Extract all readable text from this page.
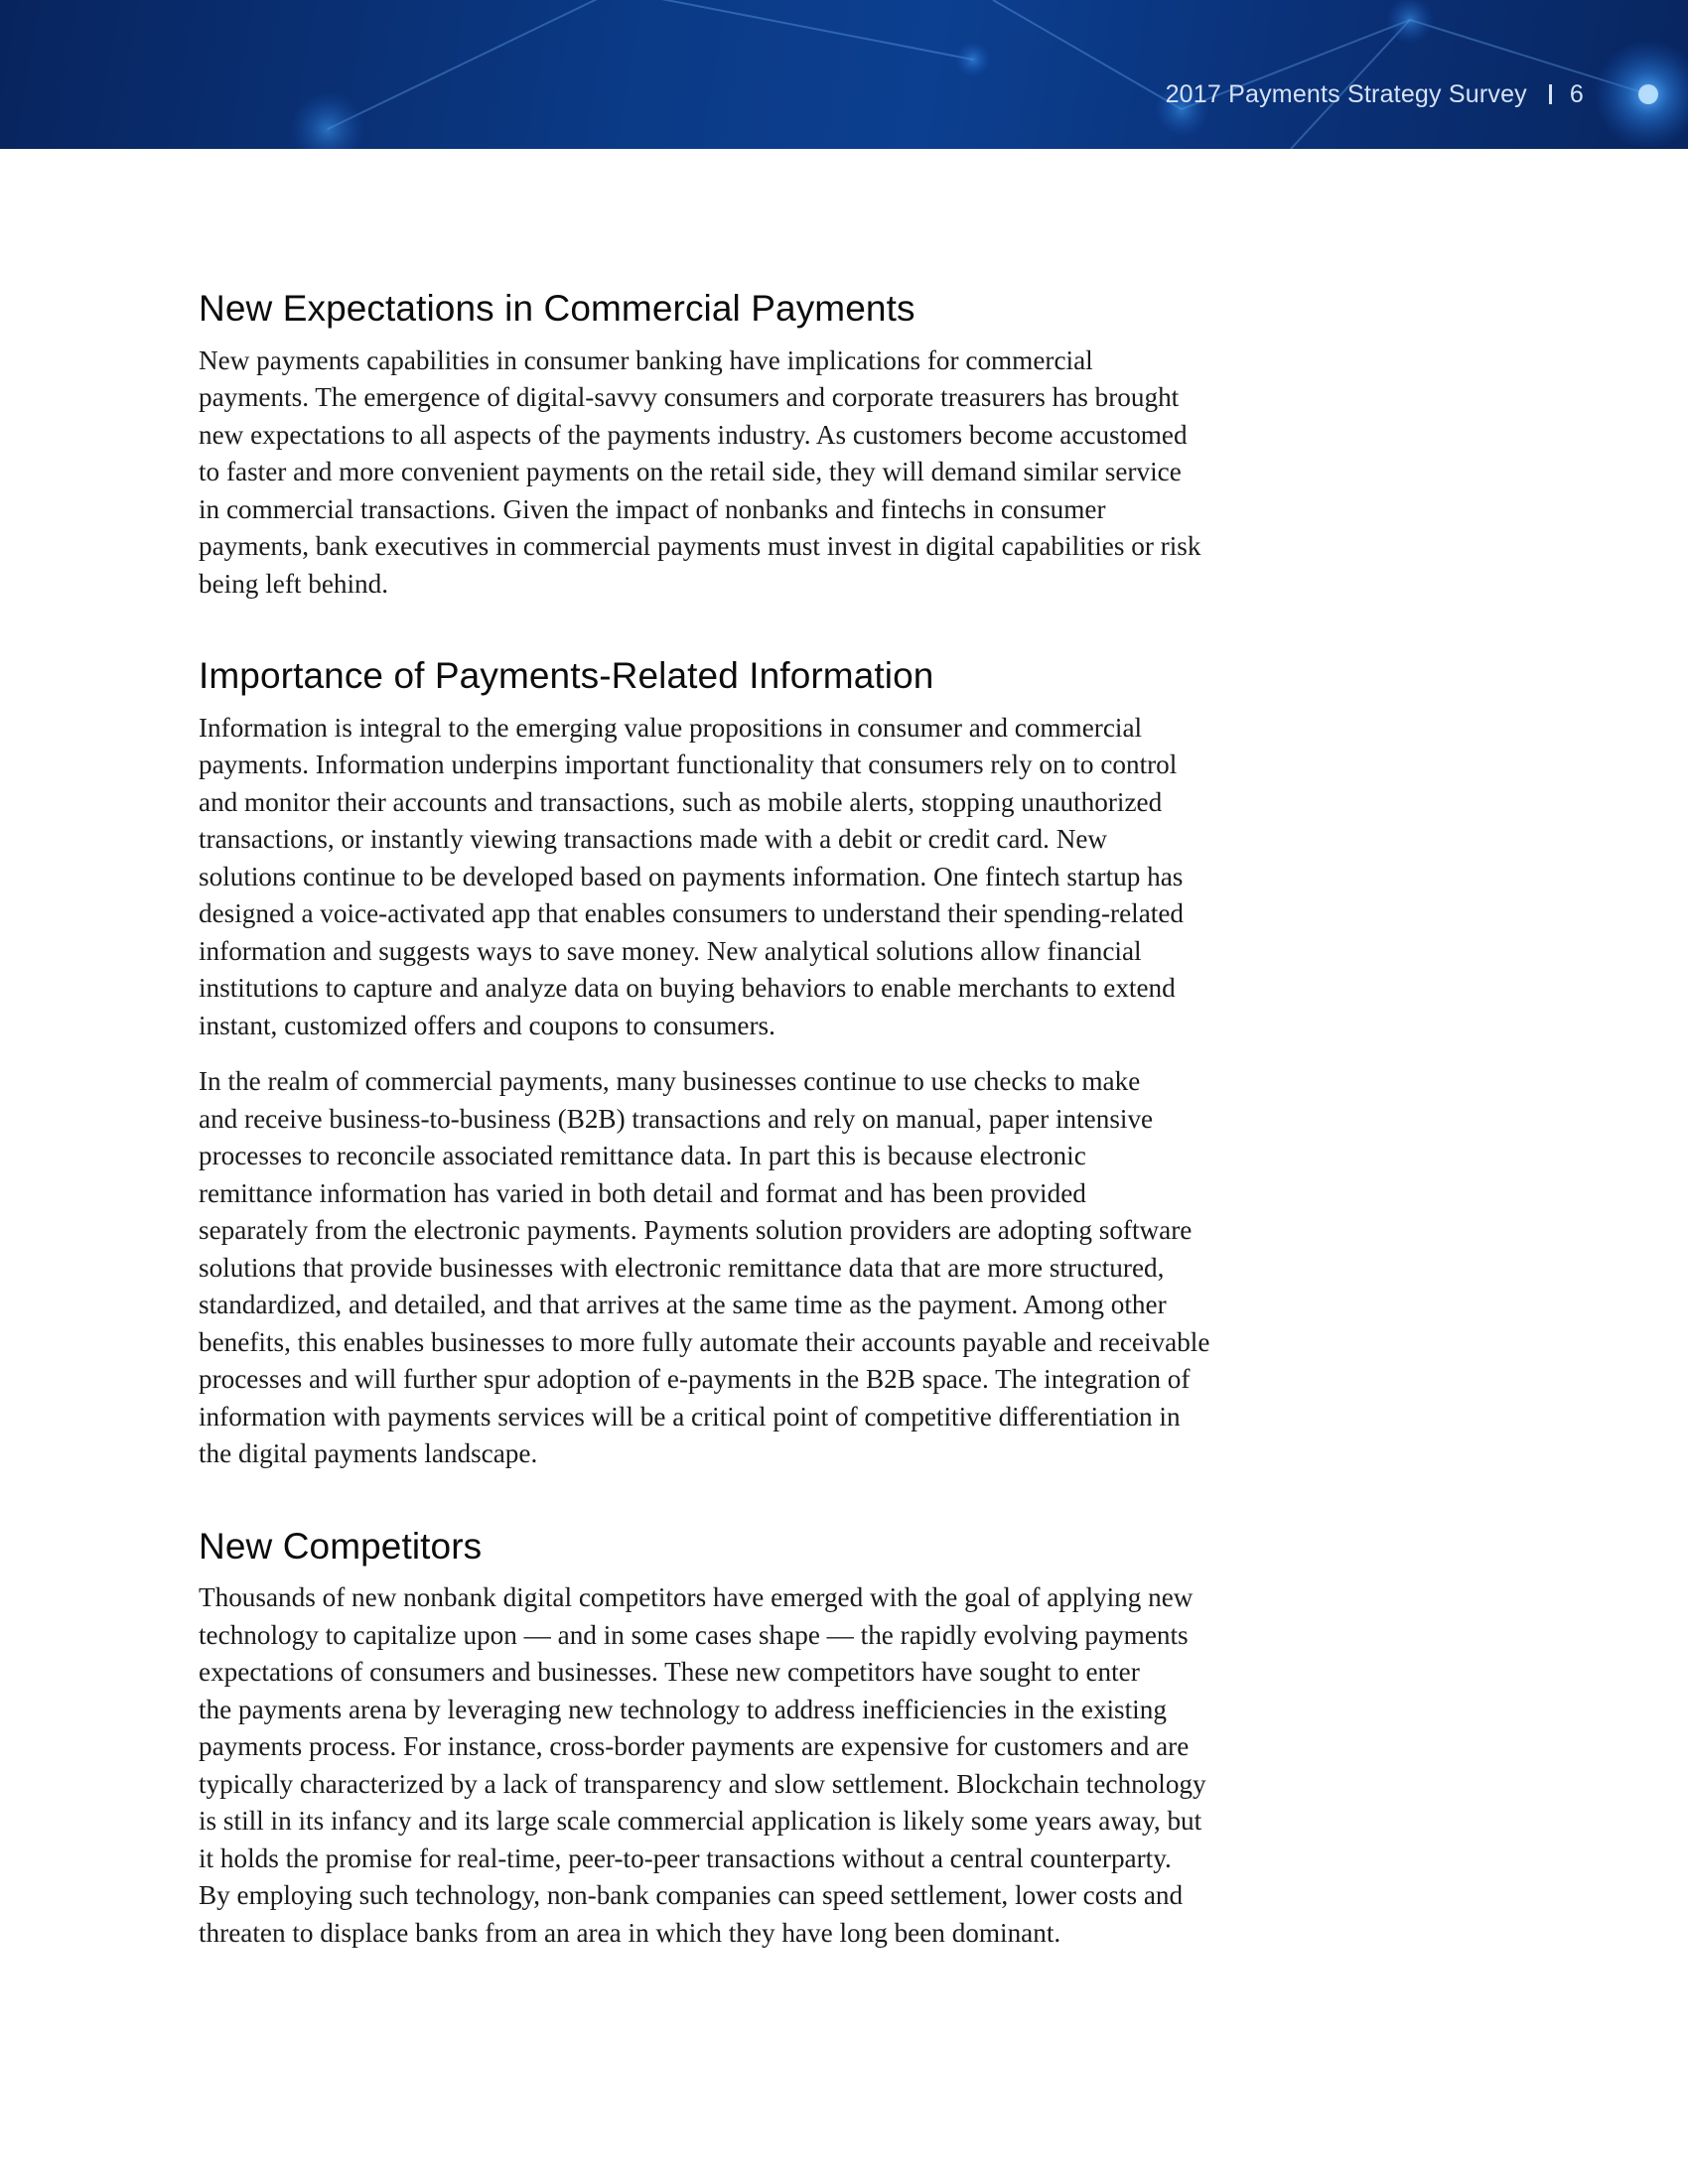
2017 Payments Strategy Survey 6
New Expectations in Commercial Payments

New payments capabilities in consumer banking have implications for commercial
payments. The emergence of digital-savvy consumers and corporate treasurers has brought
new expectations to all aspects of the payments industry. As customers become accustomed
to faster and more convenient payments on the retail side, they will demand similar service
in commercial transactions. Given the impact of nonbanks and fintechs in consumer
payments, bank executives in commercial payments must invest in digital capabilities or risk
being left behind.

Importance of Payments-Related Information

Information is integral to the emerging value propositions in consumer and commercial
payments. Information underpins important functionality that consumers rely on to control
and monitor their accounts and transactions, such as mobile alerts, stopping unauthorized
transactions, or instantly viewing transactions made with a debit or credit card. New
solutions continue to be developed based on payments information. One fintech startup has
designed a voice-activated app that enables consumers to understand their spending-related
information and suggests ways to save money. New analytical solutions allow financial
institutions to capture and analyze data on buying behaviors to enable merchants to extend
instant, customized offers and coupons to consumers.

In the realm of commercial payments, many businesses continue to use checks to make
and receive business-to-business (B2B) transactions and rely on manual, paper intensive
processes to reconcile associated remittance data. In part this is because electronic
remittance information has varied in both detail and format and has been provided
separately from the electronic payments. Payments solution providers are adopting software
solutions that provide businesses with electronic remittance data that are more structured,
standardized, and detailed, and that arrives at the same time as the payment. Among other
benefits, this enables businesses to more fully automate their accounts payable and receivable
processes and will further spur adoption of e-payments in the B2B space. The integration of
information with payments services will be a critical point of competitive differentiation in
the digital payments landscape.

New Competitors

Thousands of new nonbank digital competitors have emerged with the goal of applying new
technology to capitalize upon — and in some cases shape — the rapidly evolving payments
expectations of consumers and businesses. These new competitors have sought to enter
the payments arena by leveraging new technology to address inefficiencies in the existing
payments process. For instance, cross-border payments are expensive for customers and are
typically characterized by a lack of transparency and slow settlement. Blockchain technology
is still in its infancy and its large scale commercial application is likely some years away, but
it holds the promise for real-time, peer-to-peer transactions without a central counterparty.
By employing such technology, non-bank companies can speed settlement, lower costs and
threaten to displace banks from an area in which they have long been dominant.
